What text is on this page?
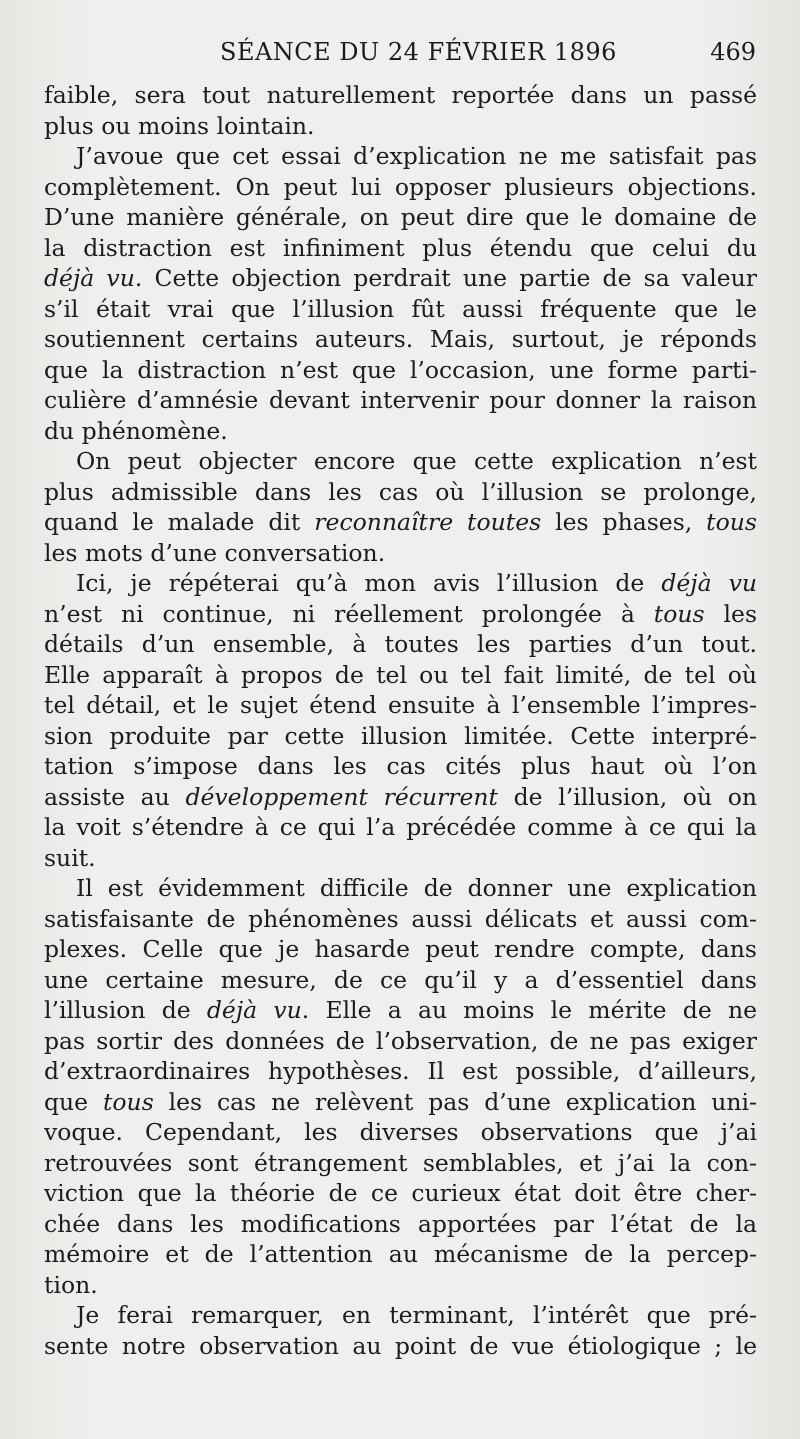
SÉANCE DU 24 FÉVRIER 1896	469
faible, sera tout naturellement reportée dans un passé
plus ou moins lointain.
J’avoue que cet essai d’explication ne me satisfait pas
complètement. On peut lui opposer plusieurs objections.
D’une manière générale, on peut dire que le domaine de
la distraction est infiniment plus étendu que celui du
déjà vu. Cette objection perdrait une partie de sa valeur
s’il était vrai que l’illusion fût aussi fréquente que le
soutiennent certains auteurs. Mais, surtout, je réponds
que la distraction n’est que l’occasion, une forme parti-
culière d’amnésie devant intervenir pour donner la raison
du phénomène.
On peut objecter encore que cette explication n’est
plus admissible dans les cas où l’illusion se prolonge,
quand le malade dit reconnaître toutes les phases, tous
les mots d’une conversation.
Ici, je répéterai qu’à mon avis l’illusion de déjà vu
n’est ni continue, ni réellement prolongée à tous les
détails d’un ensemble, à toutes les parties d’un tout.
Elle apparaît à propos de tel ou tel fait limité, de tel où
tel détail, et le sujet étend ensuite à l’ensemble l’impres-
sion produite par cette illusion limitée. Cette interpré-
tation s’impose dans les cas cités plus haut où l’on
assiste au développement récurrent de l’illusion, où on
la voit s’étendre à ce qui l’a précédée comme à ce qui la
suit.
Il est évidemment difficile de donner une explication
satisfaisante de phénomènes aussi délicats et aussi com-
plexes. Celle que je hasarde peut rendre compte, dans
une certaine mesure, de ce qu’il y a d’essentiel dans
l’illusion de déjà vu. Elle a au moins le mérite de ne
pas sortir des données de l’observation, de ne pas exiger
d’extraordinaires hypothèses. Il est possible, d’ailleurs,
que tous les cas ne relèvent pas d’une explication uni-
voque. Cependant, les diverses observations que j’ai
retrouvées sont étrangement semblables, et j’ai la con-
viction que la théorie de ce curieux état doit être cher-
chée dans les modifications apportées par l’état de la
mémoire et de l’attention au mécanisme de la percep-
tion.
Je ferai remarquer, en terminant, l’intérêt que pré-
sente notre observation au point de vue étiologique ; le
